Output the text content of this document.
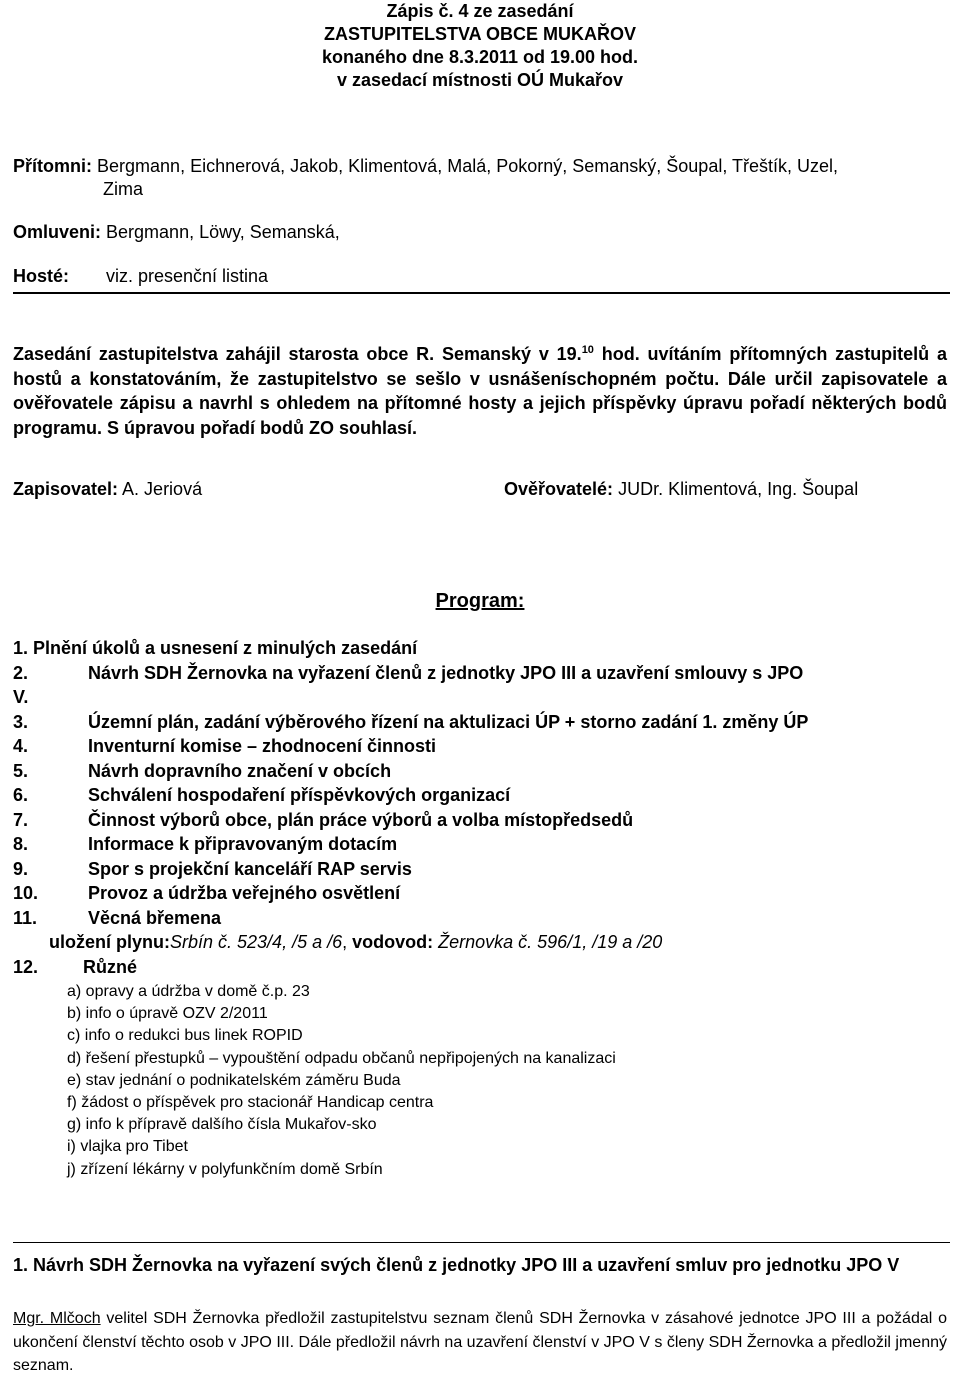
Zápis č. 4 ze zasedání

ZASTUPITELSTVA OBCE MUKAŘOV

konaného dne 8.3.2011 od 19.00 hod.

v zasedací místnosti OÚ Mukařov

Přítomni: Bergmann, Eichnerová, Jakob, Klimentová, Malá, Pokorný, Semanský, Šoupal, Třeštík, Uzel,
Zima
Omluveni: Bergmann, Löwy, Semanská,
Hosté: viz. presenční listina
Zasedání zastupitelstva zahájil starosta obce R. Semanský v 19.10 hod. uvítáním přítomných zastupitelů a hostů a konstatováním, že zastupitelstvo se sešlo v usnášeníschopném počtu. Dále určil zapisovatele a ověřovatele zápisu a navrhl s ohledem na přítomné hosty a jejich příspěvky úpravu pořadí některých bodů programu. S úpravou pořadí bodů ZO souhlasí.
Zapisovatel: A. Jeriová	Ověřovatelé: JUDr. Klimentová, Ing. Šoupal
Program:
1. Plnění úkolů a usnesení z minulých zasedání
2.	Návrh SDH Žernovka na vyřazení členů z jednotky JPO III a uzavření smlouvy s JPO
V.
3.	Územní plán, zadání výběrového řízení na aktulizaci ÚP + storno zadání 1. změny ÚP
4.	Inventurní komise – zhodnocení činnosti
5.	Návrh dopravního značení v obcích
6.	Schválení hospodaření příspěvkových organizací
7.	Činnost výborů obce, plán práce výborů a volba místopředsedů
8.	Informace k připravovaným dotacím
9.	Spor s projekční kanceláří RAP servis
10.	Provoz a údržba veřejného osvětlení
11.	Věcná břemena
uložení plynu:Srbín č. 523/4, /5 a /6, vodovod: Žernovka č. 596/1, /19 a /20
12. Různé
a) opravy a údržba v domě č.p. 23
b) info o úpravě OZV 2/2011
c) info o redukci bus linek ROPID
d) řešení přestupků – vypouštění odpadu občanů nepřipojených na kanalizaci
e) stav jednání o podnikatelském záměru Buda
f) žádost o příspěvek pro stacionář Handicap centra
g) info k přípravě dalšího čísla Mukařov-sko
i) vlajka pro Tibet
j) zřízení lékárny v polyfunkčním domě Srbín
1. Návrh SDH Žernovka na vyřazení svých členů z jednotky JPO III a uzavření smluv pro jednotku JPO V
Mgr. Mlčoch velitel SDH Žernovka předložil zastupitelstvu seznam členů SDH Žernovka v zásahové jednotce JPO III a požádal o ukončení členství těchto osob v JPO III. Dále předložil návrh na uzavření členství v JPO V s členy SDH Žernovka a předložil jmenný seznam.
